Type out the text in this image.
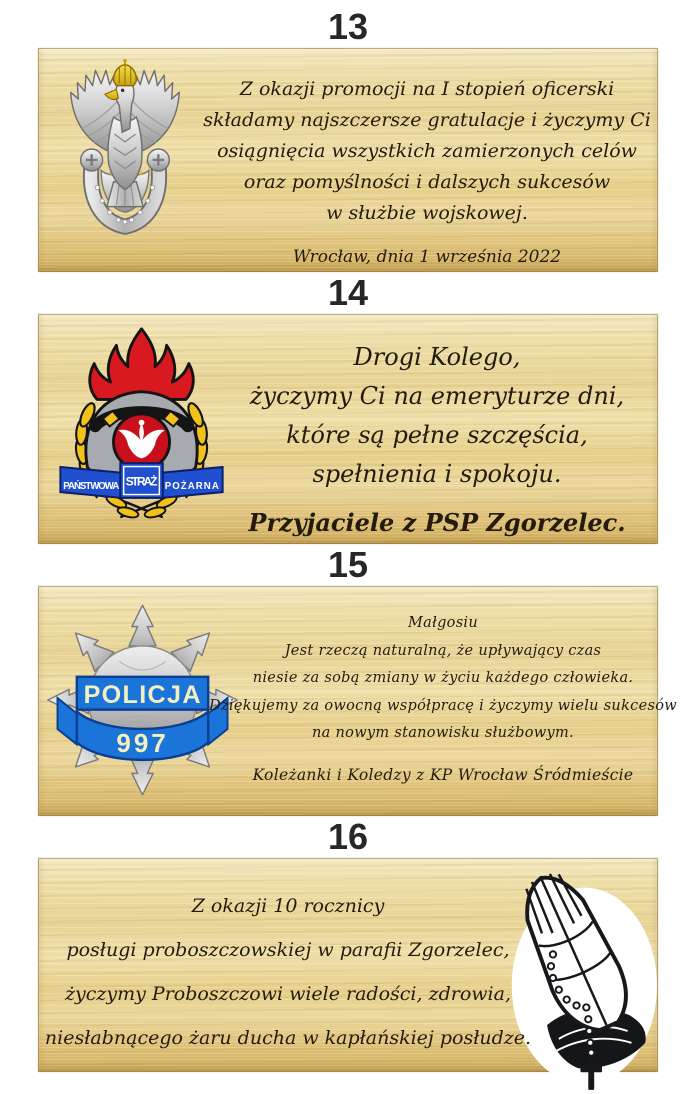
13
Z okazji promocji na I stopień oficerski
składamy najszczersze gratulacje i życzymy Ci
osiągnięcia wszystkich zamierzonych celów
oraz pomyślności i dalszych sukcesów
w służbie wojskowej.
Wrocław, dnia 1 września 2022
14
PAŃSTWOWA STRAŻ POŻARNA
Drogi Kolego,
życzymy Ci na emeryturze dni,
które są pełne szczęścia,
spełnienia i spokoju.
Przyjaciele z PSP Zgorzelec.
15
POLICJA
997
Małgosiu
Jest rzeczą naturalną, że upływający czas
niesie za sobą zmiany w życiu każdego człowieka.
Dziękujemy za owocną współpracę i życzymy wielu sukcesów
na nowym stanowisku służbowym.
Koleżanki i Koledzy z KP Wrocław Śródmieście
16
Z okazji 10 rocznicy
posługi proboszczowskiej w parafii Zgorzelec,
życzymy Proboszczowi wiele radości, zdrowia,
niesłabnącego żaru ducha w kapłańskiej posłudze.
